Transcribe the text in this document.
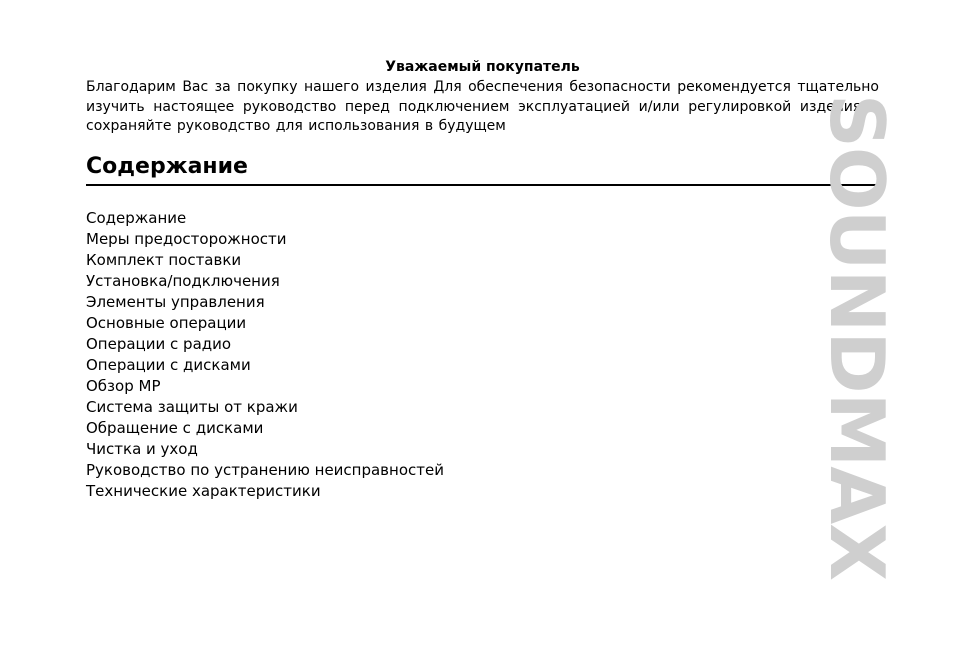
Уважаемый покупатель

Благодарим Вас за покупку нашего изделия Для обеспечения безопасности рекомендуется тщательно изучить настоящее руководство перед подключением эксплуатацией и/или регулировкой изделия и сохраняйте руководство для использования в будущем

Содержание
Содержание
Меры предосторожности
Комплект поставки
Установка/подключения
Элементы управления
Основные операции
Операции с радио
Операции с дисками
Обзор MP
Система защиты от кражи
Обращение с дисками
Чистка и уход
Руководство по устранению неисправностей
Технические характеристики	SOUNDMAX
